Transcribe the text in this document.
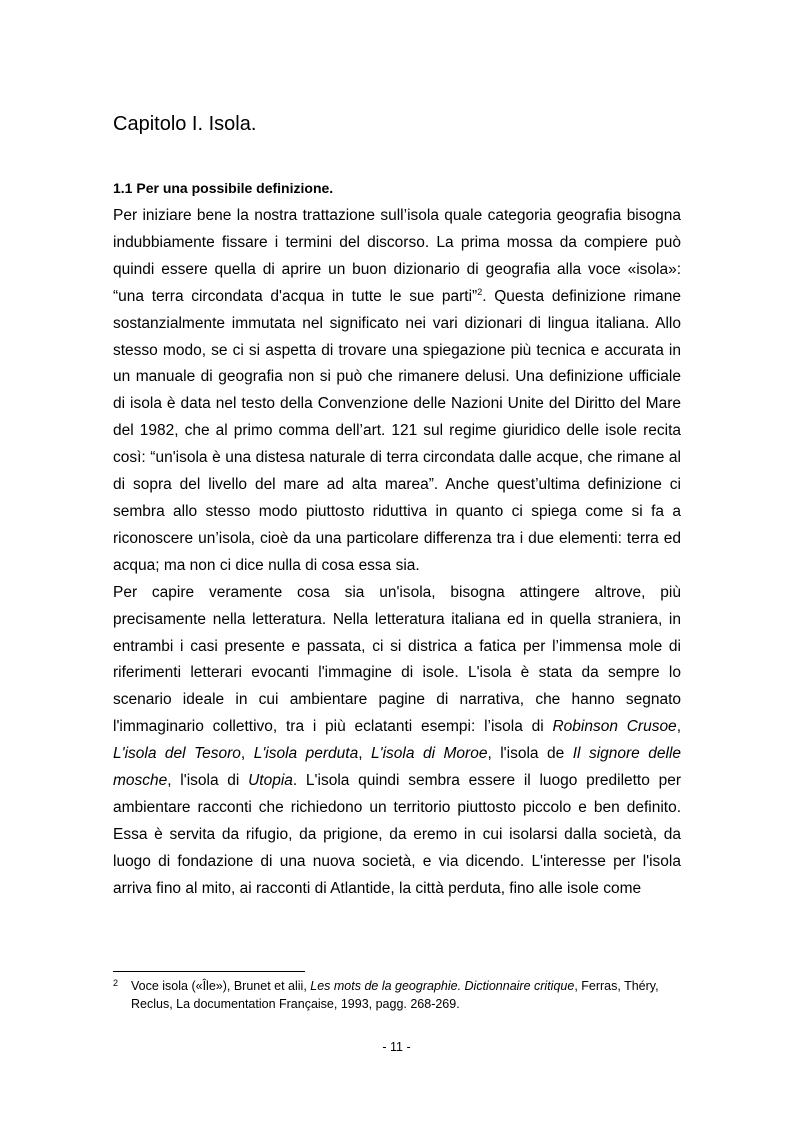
Capitolo I. Isola.
1.1 Per una possibile definizione.

Per iniziare bene la nostra trattazione sull’isola quale categoria geografia bisogna indubbiamente fissare i termini del discorso. La prima mossa da compiere può quindi essere quella di aprire un buon dizionario di geografia alla voce «isola»: “una terra circondata d'acqua in tutte le sue parti”$^2$. Questa definizione rimane sostanzialmente immutata nel significato nei vari dizionari di lingua italiana. Allo stesso modo, se ci si aspetta di trovare una spiegazione più tecnica e accurata in un manuale di geografia non si può che rimanere delusi. Una definizione ufficiale di isola è data nel testo della Convenzione delle Nazioni Unite del Diritto del Mare del 1982, che al primo comma dell’art. 121 sul regime giuridico delle isole recita così: “un'isola è una distesa naturale di terra circondata dalle acque, che rimane al di sopra del livello del mare ad alta marea”. Anche quest’ultima definizione ci sembra allo stesso modo piuttosto riduttiva in quanto ci spiega come si fa a riconoscere un’isola, cioè da una particolare differenza tra i due elementi: terra ed acqua; ma non ci dice nulla di cosa essa sia.

Per capire veramente cosa sia un'isola, bisogna attingere altrove, più precisamente nella letteratura. Nella letteratura italiana ed in quella straniera, in entrambi i casi presente e passata, ci si districa a fatica per l’immensa mole di riferimenti letterari evocanti l'immagine di isole. L'isola è stata da sempre lo scenario ideale in cui ambientare pagine di narrativa, che hanno segnato l'immaginario collettivo, tra i più eclatanti esempi: l’isola di Robinson Crusoe, L'isola del Tesoro, L'isola perduta, L'isola di Moroe, l'isola de Il signore delle mosche, l'isola di Utopia. L'isola quindi sembra essere il luogo prediletto per ambientare racconti che richiedono un territorio piuttosto piccolo e ben definito. Essa è servita da rifugio, da prigione, da eremo in cui isolarsi dalla società, da luogo di fondazione di una nuova società, e via dicendo. L'interesse per l'isola arriva fino al mito, ai racconti di Atlantide, la città perduta, fino alle isole come

2 Voce isola («Île»), Brunet et alii, Les mots de la geographie. Dictionnaire critique, Ferras, Théry, Reclus, La documentation Française, 1993, pagg. 268-269.
- 11 -
